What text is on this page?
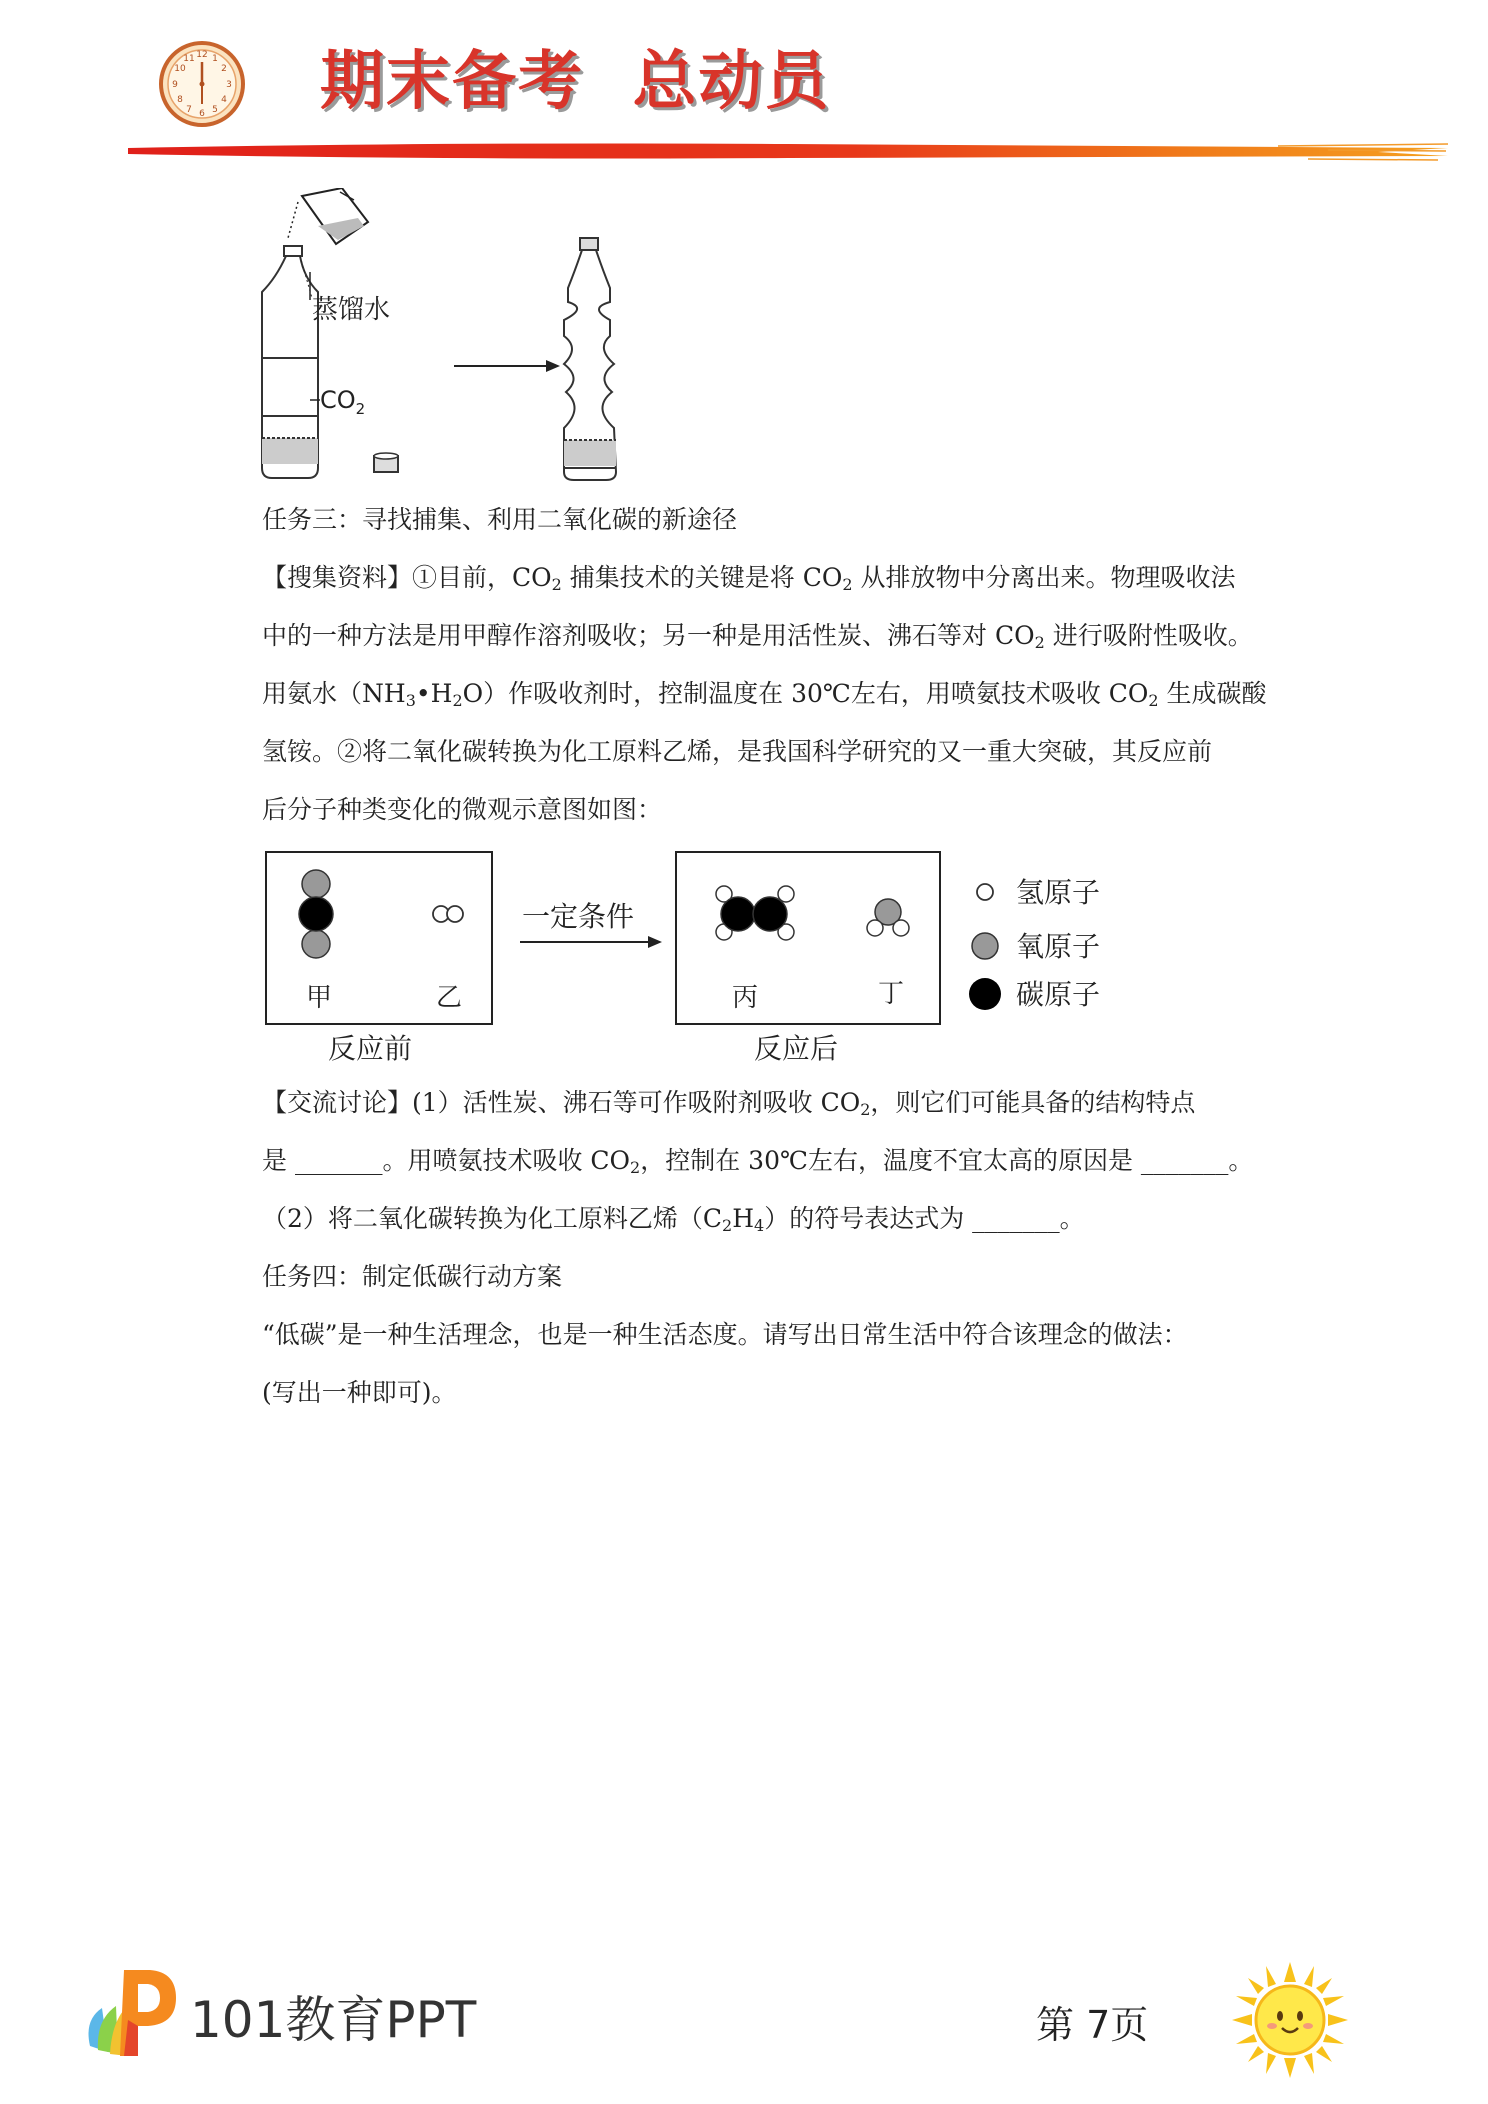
12 1
2
3
4
5
6
7
8
9
10
11 期末备考  总动员
蒸馏水
$CO_2$
任务三：寻找捕集、利用二氧化碳的新途径
【搜集资料】①目前，$CO_2$ 捕集技术的关键是将 $CO_2$ 从排放物中分离出来。物理吸收法
中的一种方法是用甲醇作溶剂吸收；另一种是用活性炭、沸石等对 $CO_2$ 进行吸附性吸收。
用氨水$(NH_3•H_2O)$作吸收剂时，控制温度在 30℃左右，用喷氨技术吸收 $CO_2$ 生成碳酸
氢铵。②将二氧化碳转换为化工原料乙烯，是我国科学研究的又一重大突破，其反应前
后分子种类变化的微观示意图如图：
甲	乙
反应前
一定条件
丙	丁
反应后
氢原子
氧原子
碳原子
【交流讨论】(1）活性炭、沸石等可作吸附剂吸收 $CO_2$，则它们可能具备的结构特点
是 _______。用喷氨技术吸收 $CO_2$，控制在 30℃左右，温度不宜太高的原因是 _______。
（2）将二氧化碳转换为化工原料乙烯$(C_2H_4)$的符号表达式为 _______。
任务四：制定低碳行动方案
“低碳”是一种生活理念，也是一种生活态度。请写出日常生活中符合该理念的做法：
(写出一种即可)。
101教育PPT	第 7页
